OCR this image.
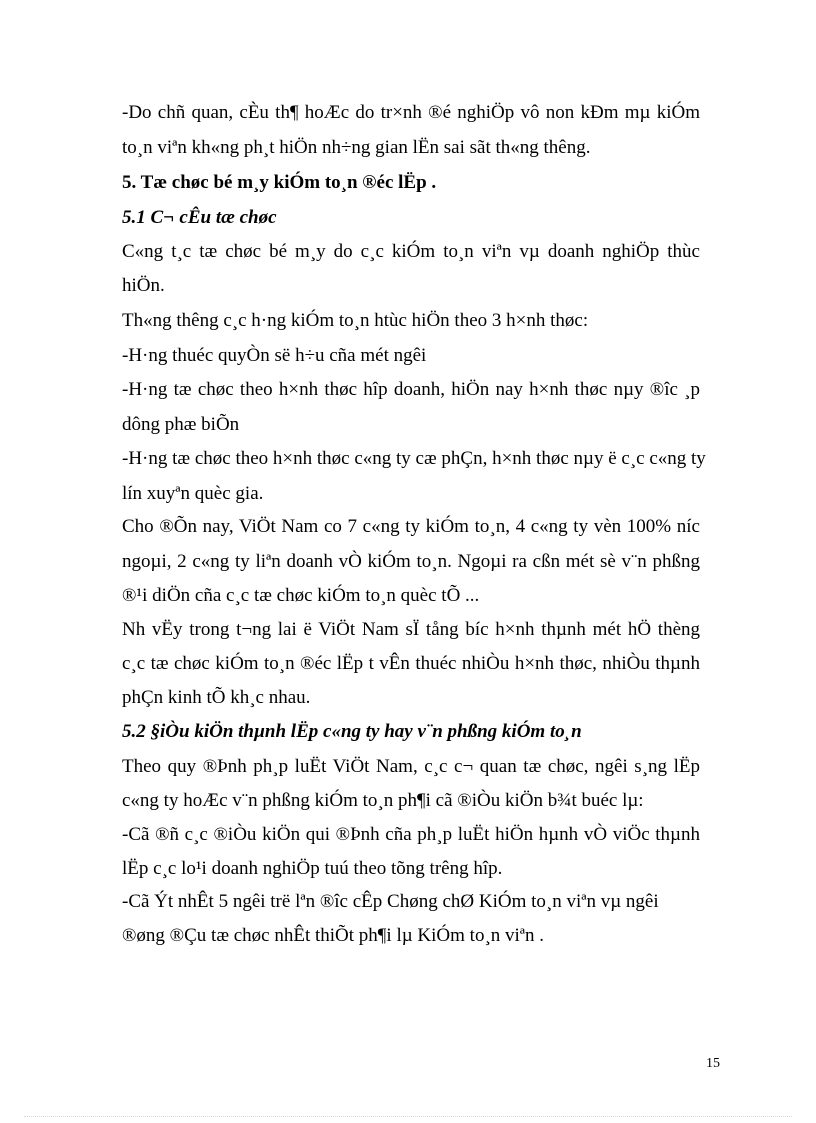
-Do chñ quan, cÈu th¶ hoÆc do tr×nh ®é nghiÖp vô non kÐm mµ kiÓm
to¸n viªn kh«ng ph¸t hiÖn nh÷ng gian lËn sai sãt th«ng thêng.
5. Tæ chøc bé m¸y kiÓm to¸n ®éc lËp .
5.1 C¬ cÊu tæ chøc
C«ng t¸c tæ chøc bé m¸y do c¸c kiÓm to¸n viªn vµ doanh nghiÖp thùc
hiÖn.
Th«ng thêng c¸c h·ng kiÓm to¸n htùc hiÖn theo 3 h×nh thøc:
-H·ng thuéc quyÒn së h÷u cña mét ngêi
-H·ng tæ chøc theo h×nh thøc hîp doanh, hiÖn nay h×nh thøc nµy ®îc ¸p
dông phæ biÕn
-H·ng tæ chøc theo h×nh thøc c«ng ty cæ phÇn, h×nh thøc nµy ë c¸c c«ng ty
lín xuyªn quèc gia.
Cho ®Õn nay, ViÖt Nam co 7 c«ng ty kiÓm to¸n, 4 c«ng ty vèn 100% níc
ngoµi, 2 c«ng ty liªn doanh vÒ kiÓm to¸n. Ngoµi ra cßn mét sè v¨n phßng
®¹i diÖn cña c¸c tæ chøc kiÓm to¸n quèc tÕ ...
Nh vËy trong t¬ng lai ë ViÖt Nam sÏ tång bíc h×nh thµnh mét hÖ thèng
c¸c tæ chøc kiÓm to¸n ®éc lËp t vÊn thuéc nhiÒu h×nh thøc, nhiÒu thµnh
phÇn kinh tÕ kh¸c nhau.
5.2 §iÒu kiÖn thµnh lËp c«ng ty hay v¨n phßng kiÓm to¸n
Theo quy ®Þnh ph¸p luËt ViÖt Nam, c¸c c¬ quan tæ chøc, ngêi s¸ng lËp
c«ng ty hoÆc v¨n phßng kiÓm to¸n ph¶i cã ®iÒu kiÖn b¾t buéc lµ:
-Cã ®ñ c¸c ®iÒu kiÖn qui ®Þnh cña ph¸p luËt hiÖn hµnh vÒ viÖc thµnh
lËp c¸c lo¹i doanh nghiÖp tuú theo tõng trêng hîp.
-Cã Ýt nhÊt 5 ngêi trë lªn ®îc cÊp Chøng chØ KiÓm to¸n viªn vµ ngêi
®øng ®Çu tæ chøc nhÊt thiÕt ph¶i lµ KiÓm to¸n viªn .
15
